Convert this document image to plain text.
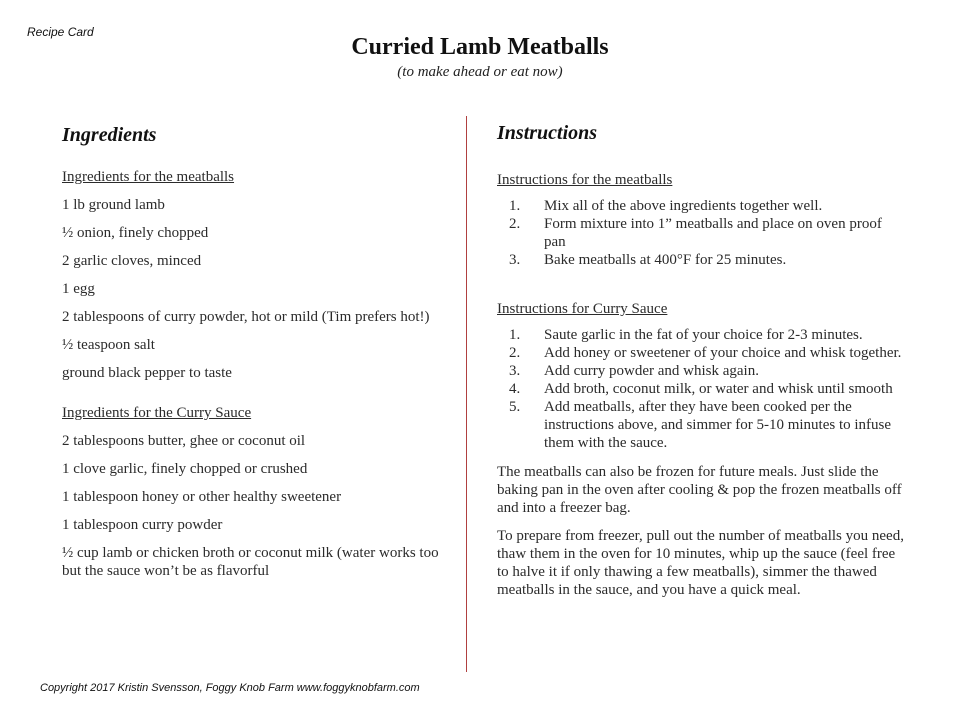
Recipe Card
Curried Lamb Meatballs
(to make ahead or eat now)
Ingredients
Ingredients for the meatballs

1 lb ground lamb

½ onion, finely chopped

2 garlic cloves, minced

1 egg

2 tablespoons of curry powder, hot or mild (Tim prefers hot!)

½ teaspoon salt

ground black pepper to taste

Ingredients for the Curry Sauce

2 tablespoons butter, ghee or coconut oil

1 clove garlic, finely chopped or crushed

1 tablespoon honey or other healthy sweetener

1 tablespoon curry powder

½ cup lamb or chicken broth or coconut milk (water works too but the sauce won’t be as flavorful

Instructions
Instructions for the meatballs
1. Mix all of the above ingredients together well.
2. Form mixture into 1” meatballs and place on oven proof pan
3. Bake meatballs at 400°F for 25 minutes.
Instructions for Curry Sauce
1. Saute garlic in the fat of your choice for 2-3 minutes.
2. Add honey or sweetener of your choice and whisk together.
3. Add curry powder and whisk again.
4. Add broth, coconut milk, or water and whisk until smooth
5. Add meatballs, after they have been cooked per the instructions above, and simmer for 5-10 minutes to infuse them with the sauce.

The meatballs can also be frozen for future meals. Just slide the baking pan in the oven after cooling & pop the frozen meatballs off and into a freezer bag.

To prepare from freezer, pull out the number of meatballs you need, thaw them in the oven for 10 minutes, whip up the sauce (feel free to halve it if only thawing a few meatballs), simmer the thawed meatballs in the sauce, and you have a quick meal.

Copyright 2017 Kristin Svensson, Foggy Knob Farm www.foggyknobfarm.com
